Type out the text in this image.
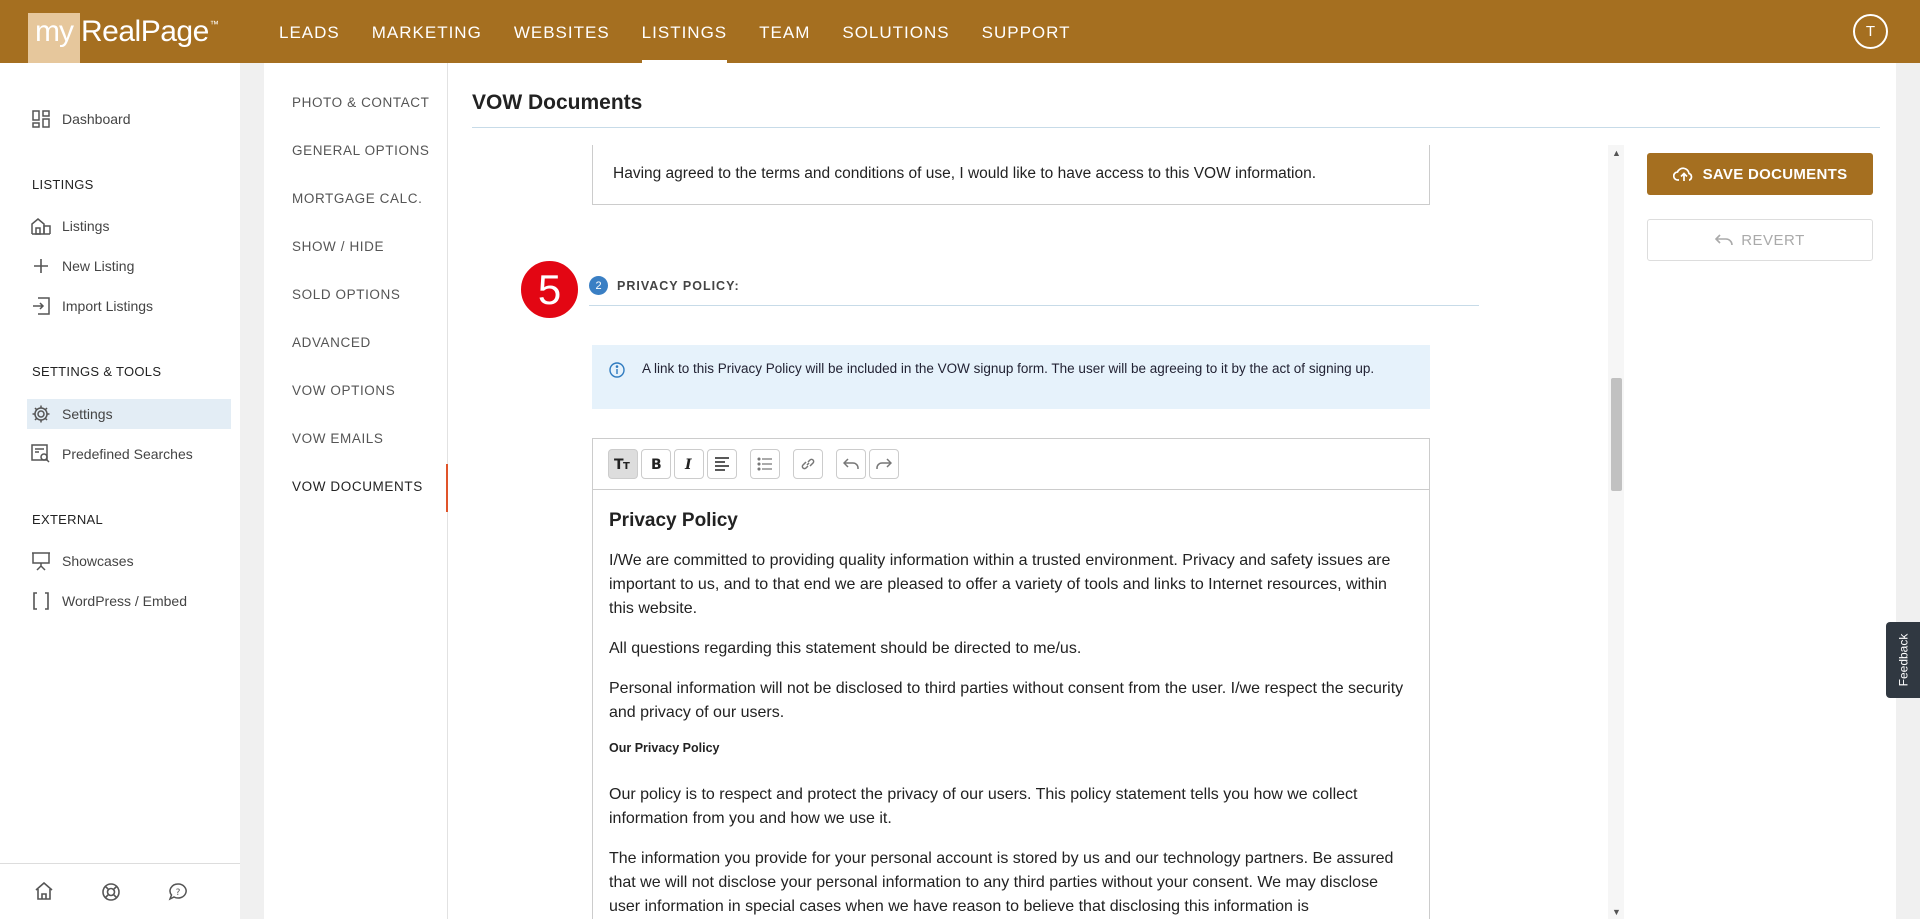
my RealPage ™	LEADS	MARKETING	WEBSITES	LISTINGS	TEAM	SOLUTIONS	SUPPORT	T
Dashboard
LISTINGS
Listings
New Listing
Import Listings
SETTINGS & TOOLS
Settings
Predefined Searches
EXTERNAL
Showcases
WordPress / Embed
?
PHOTO & CONTACT
GENERAL OPTIONS
MORTGAGE CALC.
SHOW / HIDE
SOLD OPTIONS
ADVANCED
VOW OPTIONS
VOW EMAILS
VOW DOCUMENTS
VOW Documents
Having agreed to the terms and conditions of use, I would like to have access to this VOW information.
5	2	PRIVACY POLICY:
A link to this Privacy Policy will be included in the VOW signup form. The user will be agreeing to it by the act of signing up.
T T B I
Privacy Policy

I/We are committed to providing quality information within a trusted environment. Privacy and safety issues are important to us, and to that end we are pleased to offer a variety of tools and links to Internet resources, within this website.

All questions regarding this statement should be directed to me/us.

Personal information will not be disclosed to third parties without consent from the user. I/we respect the security and privacy of our users.

Our Privacy Policy

Our policy is to respect and protect the privacy of our users. This policy statement tells you how we collect information from you and how we use it.

The information you provide for your personal account is stored by us and our technology partners. Be assured that we will not disclose your personal information to any third parties without your consent. We may disclose user information in special cases when we have reason to believe that disclosing this information is

▲
▼
SAVE DOCUMENTS
REVERT
Feedback
